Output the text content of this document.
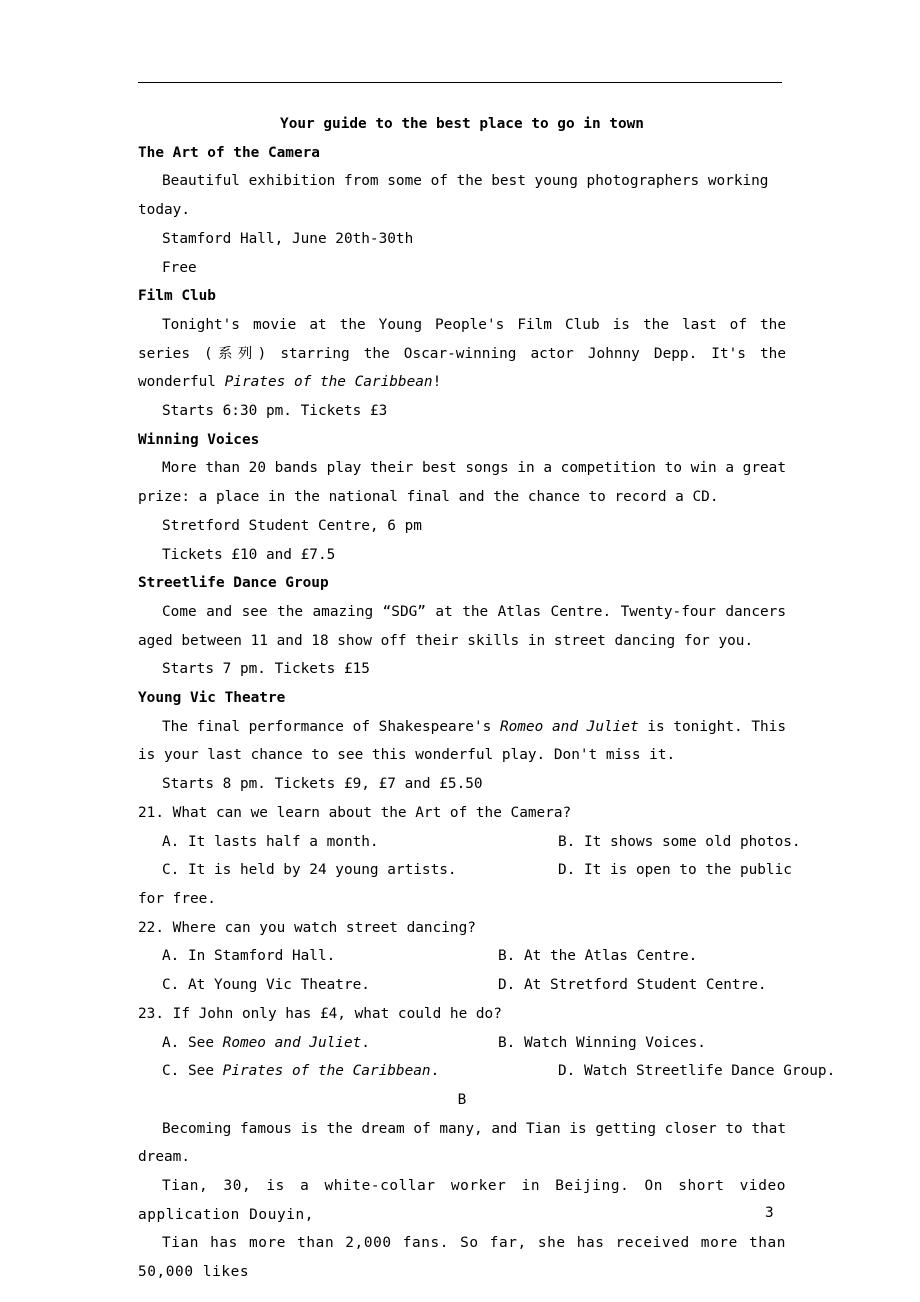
Your guide to the best place to go in town
The Art of the Camera
Beautiful exhibition from some of the best young photographers working today.
Stamford Hall, June 20th-30th
Free
Film Club
Tonight's movie at the Young People's Film Club is the last of the series (系列) starring the Oscar-winning actor Johnny Depp. It's the wonderful Pirates of the Caribbean!
Starts 6:30 pm. Tickets £3
Winning Voices
More than 20 bands play their best songs in a competition to win a great prize: a place in the national final and the chance to record a CD.
Stretford Student Centre, 6 pm
Tickets £10 and £7.5
Streetlife Dance Group
Come and see the amazing “SDG” at the Atlas Centre. Twenty-four dancers aged between 11 and 18 show off their skills in street dancing for you.
Starts 7 pm. Tickets £15
Young Vic Theatre
The final performance of Shakespeare's Romeo and Juliet is tonight. This is your last chance to see this wonderful play. Don't miss it.
Starts 8 pm. Tickets £9, £7 and £5.50
21. What can we learn about the Art of the Camera?
A. It lasts half a month.	B. It shows some old photos.
C. It is held by 24 young artists.	D. It is open to the public
for free.
22. Where can you watch street dancing?
A. In Stamford Hall.	B. At the Atlas Centre.
C. At Young Vic Theatre.	D. At Stretford Student Centre.
23. If John only has £4, what could he do?
A. See Romeo and Juliet.	B. Watch Winning Voices.
C. See Pirates of the Caribbean.	D. Watch Streetlife Dance Group.
B
Becoming famous is the dream of many, and Tian is getting closer to that dream.
Tian, 30, is a white-collar worker in Beijing. On short video application Douyin,
Tian has more than 2,000 fans. So far, she has received more than 50,000 likes
3
